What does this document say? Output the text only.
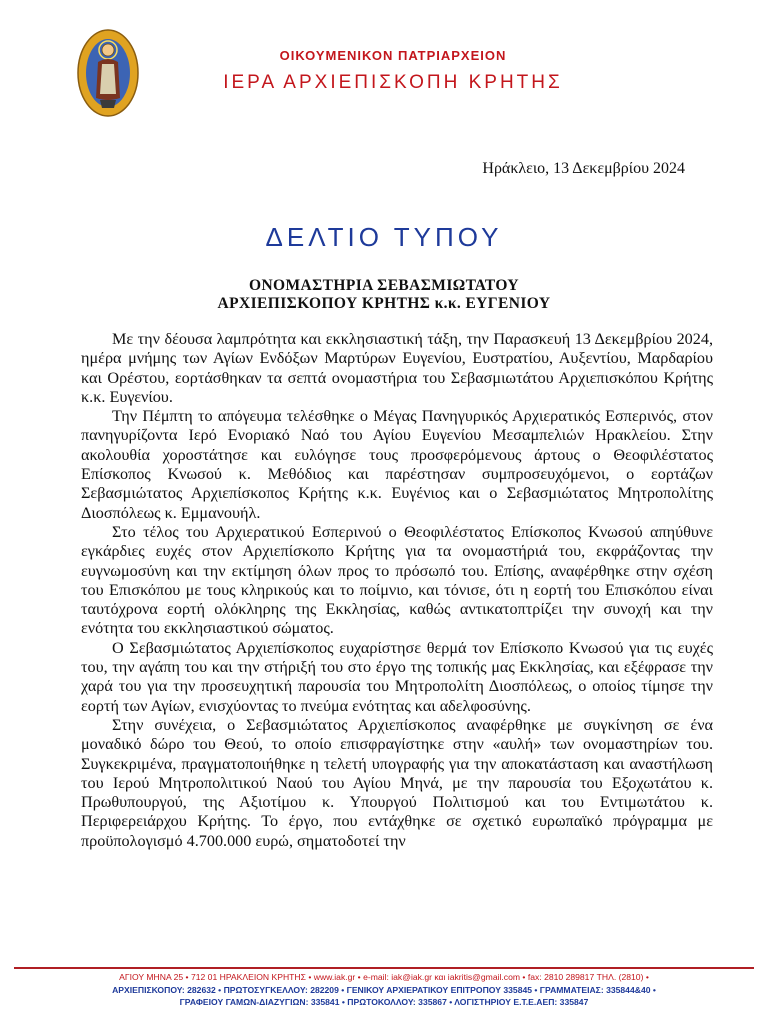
ΟΙΚΟΥΜΕΝΙΚΟΝ ΠΑΤΡΙΑΡΧΕΙΟΝ
ΙΕΡΑ ΑΡΧΙΕΠΙΣΚΟΠΗ ΚΡΗΤΗΣ
Ηράκλειο, 13 Δεκεμβρίου 2024
ΔΕΛΤΙΟ ΤΥΠΟΥ
ΟΝΟΜΑΣΤΗΡΙΑ ΣΕΒΑΣΜΙΩΤΑΤΟΥ
ΑΡΧΙΕΠΙΣΚΟΠΟΥ ΚΡΗΤΗΣ κ.κ. ΕΥΓΕΝΙΟΥ

Με την δέουσα λαμπρότητα και εκκλησιαστική τάξη, την Παρασκευή 13 Δεκεμβρίου 2024, ημέρα μνήμης των Αγίων Ενδόξων Μαρτύρων Ευγενίου, Ευστρατίου, Αυξεντίου, Μαρδαρίου και Ορέστου, εορτάσθηκαν τα σεπτά ονομαστήρια του Σεβασμιωτάτου Αρχιεπισκόπου Κρήτης κ.κ. Ευγενίου.

Την Πέμπτη το απόγευμα τελέσθηκε ο Μέγας Πανηγυρικός Αρχιερατικός Εσπερινός, στον πανηγυρίζοντα Ιερό Ενοριακό Ναό του Αγίου Ευγενίου Μεσαμπελιών Ηρακλείου. Στην ακολουθία χοροστάτησε και ευλόγησε τους προσφερόμενους άρτους ο Θεοφιλέστατος Επίσκοπος Κνωσού κ. Μεθόδιος και παρέστησαν συμπροσευχόμενοι, ο εορτάζων Σεβασμιώτατος Αρχιεπίσκοπος Κρήτης κ.κ. Ευγένιος και ο Σεβασμιώτατος Μητροπολίτης Διοσπόλεως κ. Εμμανουήλ.

Στο τέλος του Αρχιερατικού Εσπερινού ο Θεοφιλέστατος Επίσκοπος Κνωσού απηύθυνε εγκάρδιες ευχές στον Αρχιεπίσκοπο Κρήτης για τα ονομαστήριά του, εκφράζοντας την ευγνωμοσύνη και την εκτίμηση όλων προς το πρόσωπό του. Επίσης, αναφέρθηκε στην σχέση του Επισκόπου με τους κληρικούς και το ποίμνιο, και τόνισε, ότι η εορτή του Επισκόπου είναι ταυτόχρονα εορτή ολόκληρης της Εκκλησίας, καθώς αντικατοπτρίζει την συνοχή και την ενότητα του εκκλησιαστικού σώματος.

Ο Σεβασμιώτατος Αρχιεπίσκοπος ευχαρίστησε θερμά τον Επίσκοπο Κνωσού για τις ευχές του, την αγάπη του και την στήριξή του στο έργο της τοπικής μας Εκκλησίας, και εξέφρασε την χαρά του για την προσευχητική παρουσία του Μητροπολίτη Διοσπόλεως, ο οποίος τίμησε την εορτή των Αγίων, ενισχύοντας το πνεύμα ενότητας και αδελφοσύνης.

Στην συνέχεια, ο Σεβασμιώτατος Αρχιεπίσκοπος αναφέρθηκε με συγκίνηση σε ένα μοναδικό δώρο του Θεού, το οποίο επισφραγίστηκε στην «αυλή» των ονομαστηρίων του. Συγκεκριμένα, πραγματοποιήθηκε η τελετή υπογραφής για την αποκατάσταση και αναστήλωση του Ιερού Μητροπολιτικού Ναού του Αγίου Μηνά, με την παρουσία του Εξοχωτάτου κ. Πρωθυπουργού, της Αξιοτίμου κ. Υπουργού Πολιτισμού και του Εντιμωτάτου κ. Περιφερειάρχου Κρήτης. Το έργο, που εντάχθηκε σε σχετικό ευρωπαϊκό πρόγραμμα με προϋπολογισμό 4.700.000 ευρώ, σηματοδοτεί την

ΑΓΙΟΥ ΜΗΝΑ 25 • 712 01 ΗΡΑΚΛΕΙΟΝ ΚΡΗΤΗΣ • www.iak.gr • e-mail: iak@iak.gr και iakritis@gmail.com • fax: 2810 289817 ΤΗΛ. (2810) •
ΑΡΧΙΕΠΙΣΚΟΠΟΥ: 282632 • ΠΡΩΤΟΣΥΓΚΕΛΛΟΥ: 282209 • ΓΕΝΙΚΟΥ ΑΡΧΙΕΡΑΤΙΚΟΥ ΕΠΙΤΡΟΠΟΥ 335845 • ΓΡΑΜΜΑΤΕΙΑΣ: 335844&40 •
ΓΡΑΦΕΙΟΥ ΓΑΜΩΝ-ΔΙΑΖΥΓΙΩΝ: 335841 • ΠΡΩΤΟΚΟΛΛΟΥ: 335867 • ΛΟΓΙΣΤΗΡΙΟΥ Ε.Τ.Ε.ΑΕΠ: 335847
